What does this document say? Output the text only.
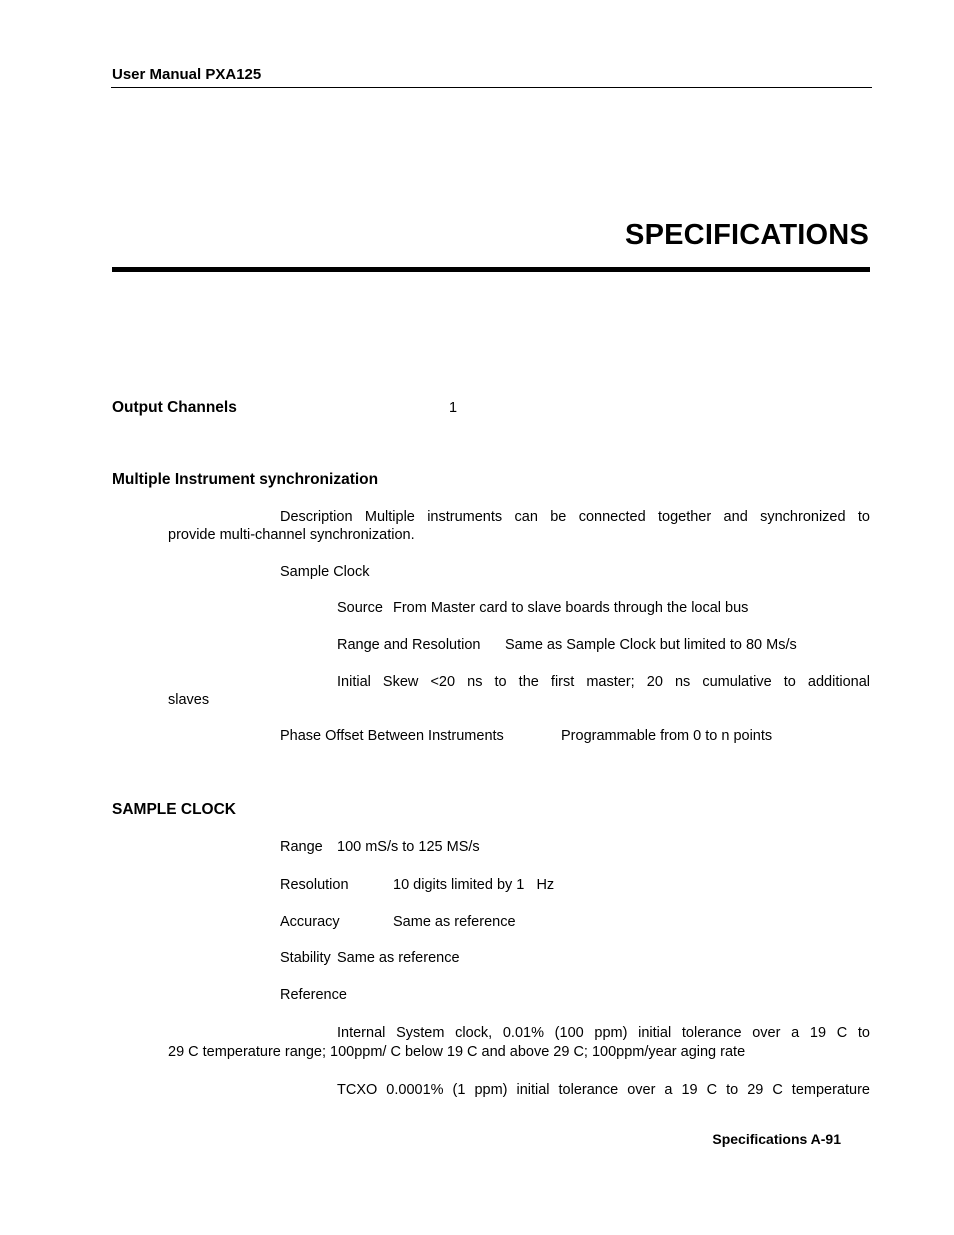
User Manual PXA125
SPECIFICATIONS
Output Channels	1
Multiple Instrument synchronization
Description Multiple instruments can be connected together and synchronized to
provide multi-channel synchronization.
Sample Clock
Source From Master card to slave boards through the local bus
Range and Resolution Same as Sample Clock but limited to 80 Ms/s
Initial Skew <20 ns to the first master; 20 ns cumulative to additional
slaves
Phase Offset Between Instruments	Programmable from 0 to n points
SAMPLE CLOCK
Range 100 mS/s to 125 MS/s
Resolution	10 digits limited by 1   Hz
Accuracy	Same as reference
Stability Same as reference
Reference
Internal System clock, 0.01% (100 ppm) initial tolerance over a 19 C to
29 C temperature range; 100ppm/ C below 19 C and above 29 C; 100ppm/year aging rate
TCXO 0.0001% (1 ppm) initial tolerance over a 19 C to 29 C temperature
Specifications A-91
